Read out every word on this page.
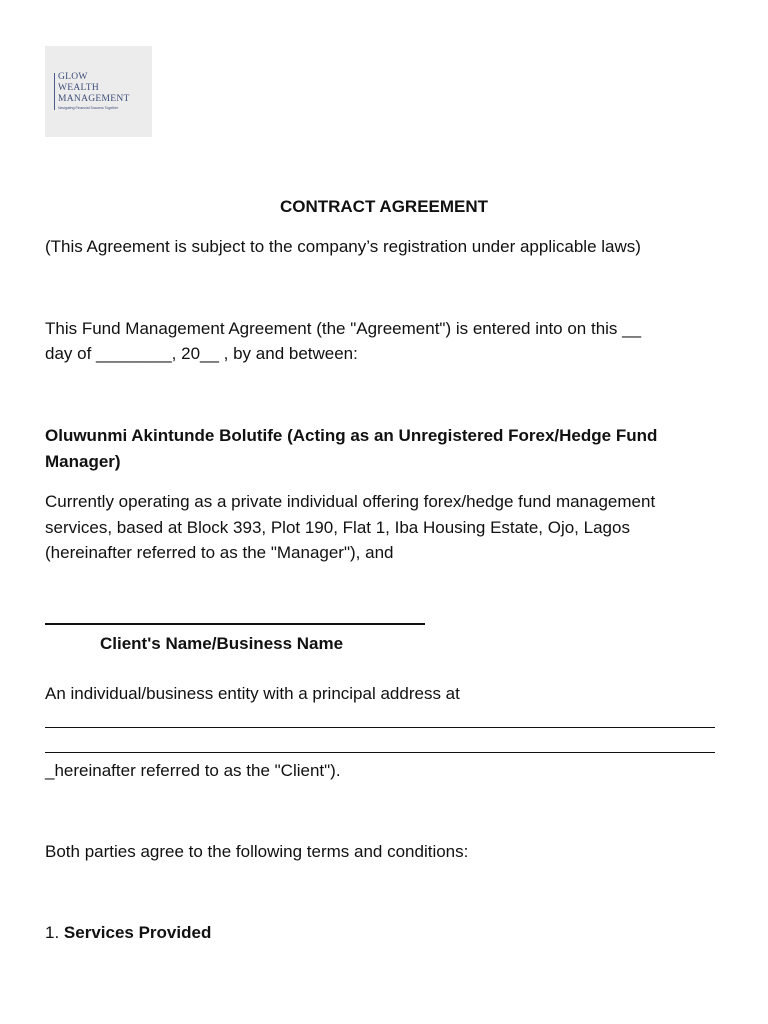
GLOW
WEALTH
MANAGEMENT
Navigating Financial Success Together
CONTRACT AGREEMENT
(This Agreement is subject to the company’s registration under applicable laws)
This Fund Management Agreement (the "Agreement") is entered into on this __
day of ________, 20__ , by and between:
Oluwunmi Akintunde Bolutife (Acting as an Unregistered Forex/Hedge Fund
Manager)
Currently operating as a private individual offering forex/hedge fund management
services, based at Block 393, Plot 190, Flat 1, Iba Housing Estate, Ojo, Lagos
(hereinafter referred to as the "Manager"), and
Client's Name/Business Name
An individual/business entity with a principal address at
_hereinafter referred to as the "Client").
Both parties agree to the following terms and conditions:
1. Services Provided
